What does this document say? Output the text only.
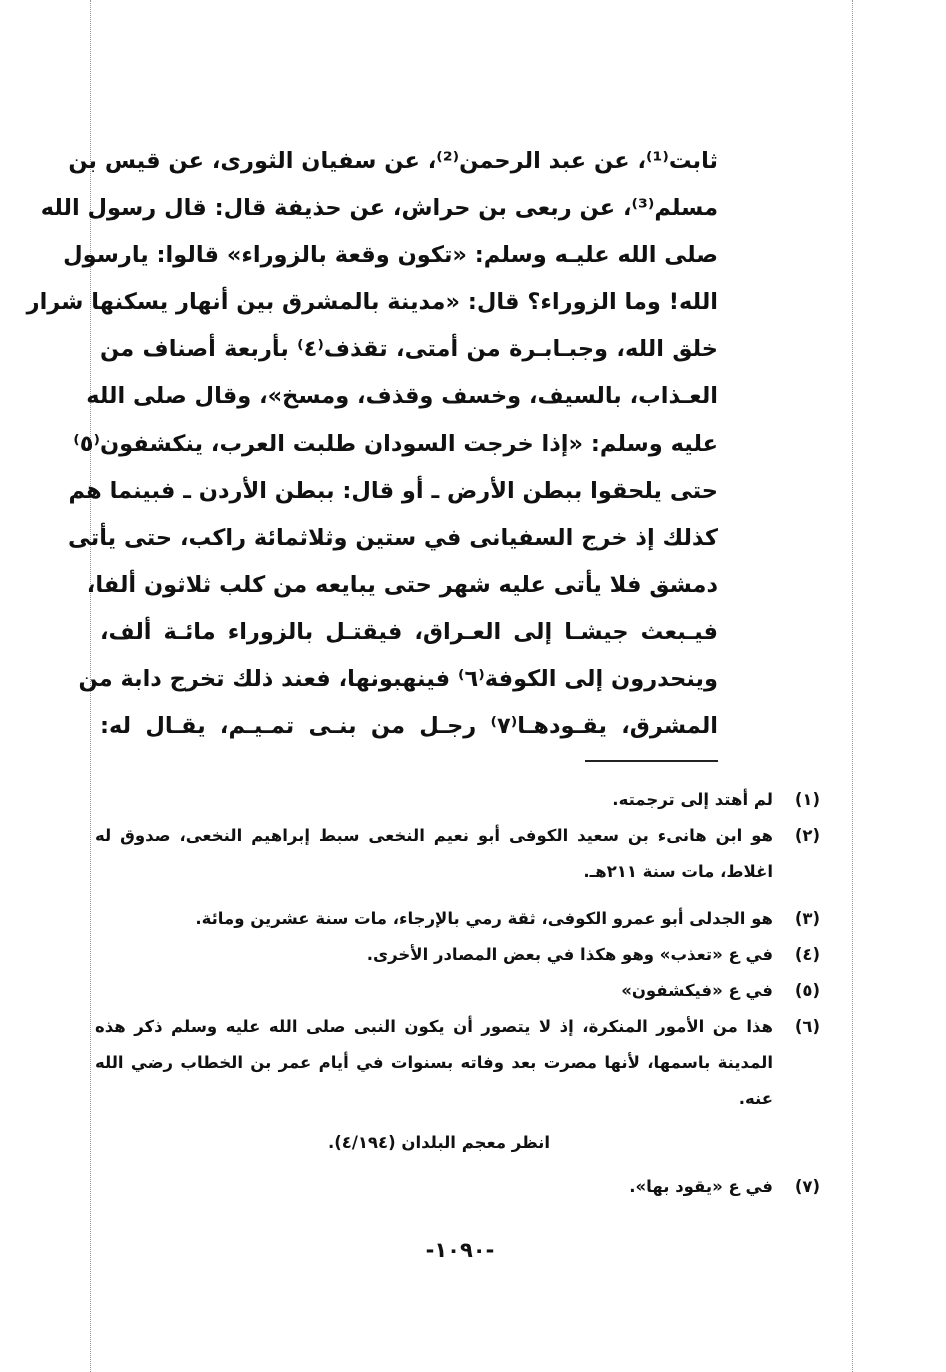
ثابت⁽¹⁾، عن عبد الرحمن⁽²⁾، عن سفيان الثورى، عن قيس بن
مسلم⁽³⁾، عن ربعى بن حراش، عن حذيفة قال: قال رسول الله
صلى الله عليـه وسلم: «تكون وقعة بالزوراء» قالوا: يارسول
الله! وما الزوراء؟ قال: «مدينة بالمشرق بين أنهار يسكنها شرار
خلق الله، وجبـابـرة من أمتى، تقذف⁽٤⁾ بأربعة أصناف من
العـذاب، بالسيف، وخسف وقذف، ومسخ»، وقال صلى الله
عليه وسلم: «إذا خرجت السودان طلبت العرب، ينكشفون⁽٥⁾
حتى يلحقوا ببطن الأرض ـ أو قال: ببطن الأردن ـ فبينما هم
كذلك إذ خرج السفيانى في ستين وثلاثمائة راكب، حتى يأتى
دمشق فلا يأتى عليه شهر حتى يبايعه من كلب ثلاثون ألفا،
فيـبعث جيشـا إلى العـراق، فيقتـل بالزوراء مائـة ألف،
وينحدرون إلى الكوفة⁽٦⁾ فينهبونها، فعند ذلك تخرج دابة من
المشرق، يقـودهـا⁽٧⁾ رجـل من بنـى تمـيـم، يقـال له:
(١)
لم أهتد إلى ترجمته.
(٢)
هو ابن هانىء بن سعيد الكوفى أبو نعيم النخعى سبط إبراهيم النخعى، صدوق له
اغلاط، مات سنة ٢١١هـ.
(٣)
هو الجدلى أبو عمرو الكوفى، ثقة رمي بالإرجاء، مات سنة عشرين ومائة.
(٤)
في ع «تعذب» وهو هكذا في بعض المصادر الأخرى.
(٥)
في ع «فيكشفون»
(٦)
هذا من الأمور المنكرة، إذ لا يتصور أن يكون النبى صلى الله عليه وسلم ذكر هذه
المدينة باسمها، لأنها مصرت بعد وفاته بسنوات في أيام عمر بن الخطاب رضي الله
عنه.
انظر معجم البلدان (٤/١٩٤).
(٧)
في ع «يقود بها».
-١٠٩٠-
